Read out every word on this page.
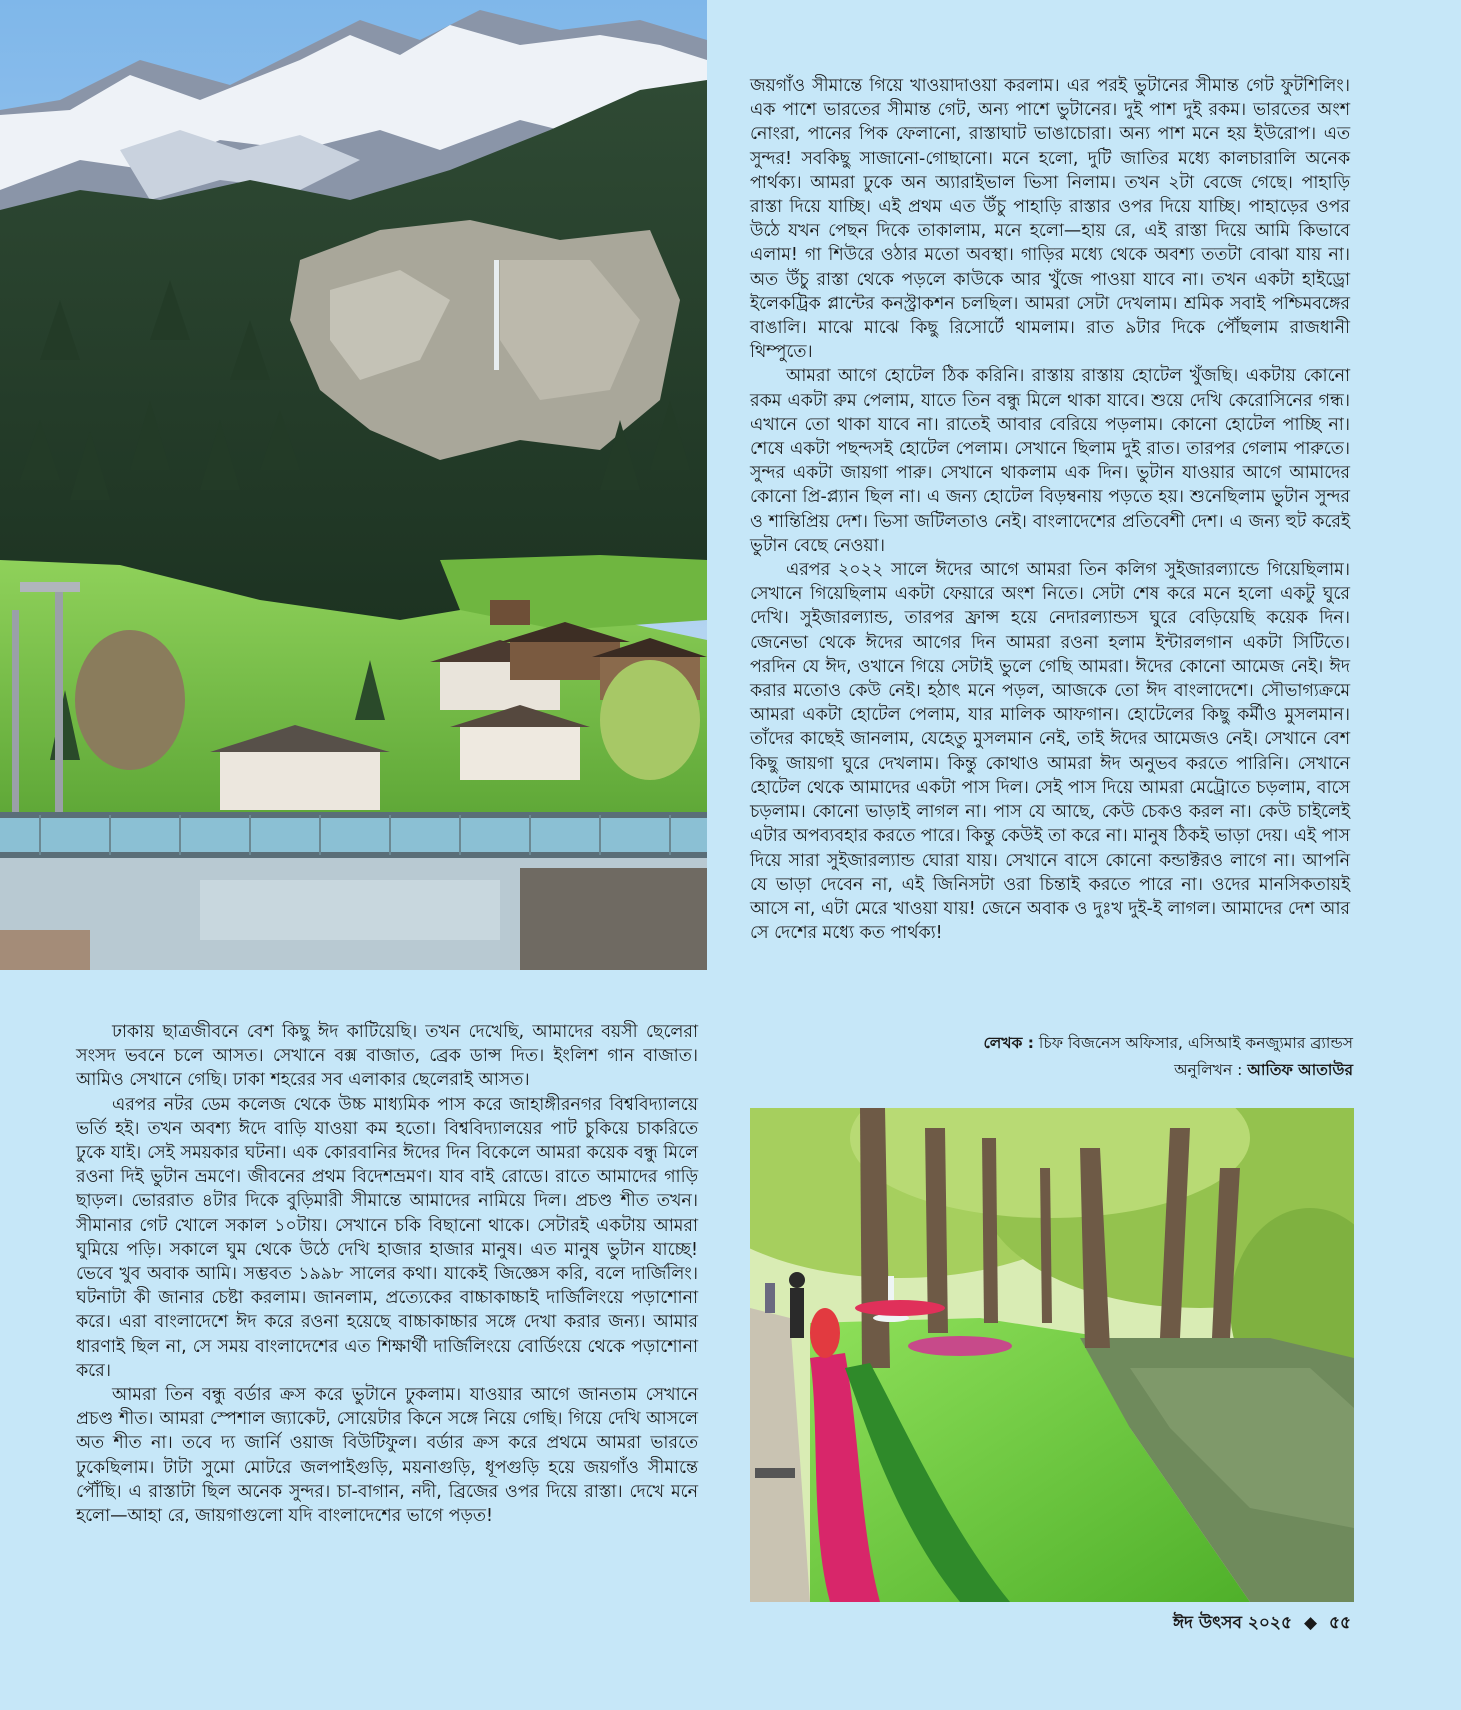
জয়গাঁও সীমান্তে গিয়ে খাওয়াদাওয়া করলাম। এর পরই ভুটানের সীমান্ত গেট ফুটশিলিং। এক পাশে ভারতের সীমান্ত গেট, অন্য পাশে ভুটানের। দুই পাশ দুই রকম। ভারতের অংশ নোংরা, পানের পিক ফেলানো, রাস্তাঘাট ভাঙাচোরা। অন্য পাশ মনে হয় ইউরোপ। এত সুন্দর! সবকিছু সাজানো-গোছানো। মনে হলো, দুটি জাতির মধ্যে কালচারালি অনেক পার্থক্য। আমরা ঢুকে অন অ্যারাইভাল ভিসা নিলাম। তখন ২টা বেজে গেছে। পাহাড়ি রাস্তা দিয়ে যাচ্ছি। এই প্রথম এত উঁচু পাহাড়ি রাস্তার ওপর দিয়ে যাচ্ছি। পাহাড়ের ওপর উঠে যখন পেছন দিকে তাকালাম, মনে হলো—হায় রে, এই রাস্তা দিয়ে আমি কিভাবে এলাম! গা শিউরে ওঠার মতো অবস্থা। গাড়ির মধ্যে থেকে অবশ্য ততটা বোঝা যায় না। অত উঁচু রাস্তা থেকে পড়লে কাউকে আর খুঁজে পাওয়া যাবে না। তখন একটা হাইড্রো ইলেকট্রিক প্লান্টের কনস্ট্রাকশন চলছিল। আমরা সেটা দেখলাম। শ্রমিক সবাই পশ্চিমবঙ্গের বাঙালি। মাঝে মাঝে কিছু রিসোর্টে থামলাম। রাত ৯টার দিকে পৌঁছলাম রাজধানী থিম্পুতে।

আমরা আগে হোটেল ঠিক করিনি। রাস্তায় রাস্তায় হোটেল খুঁজছি। একটায় কোনো রকম একটা রুম পেলাম, যাতে তিন বন্ধু মিলে থাকা যাবে। শুয়ে দেখি কেরোসিনের গন্ধ। এখানে তো থাকা যাবে না। রাতেই আবার বেরিয়ে পড়লাম। কোনো হোটেল পাচ্ছি না। শেষে একটা পছন্দসই হোটেল পেলাম। সেখানে ছিলাম দুই রাত। তারপর গেলাম পারুতে। সুন্দর একটা জায়গা পারু। সেখানে থাকলাম এক দিন। ভুটান যাওয়ার আগে আমাদের কোনো প্রি-প্ল্যান ছিল না। এ জন্য হোটেল বিড়ম্বনায় পড়তে হয়। শুনেছিলাম ভুটান সুন্দর ও শান্তিপ্রিয় দেশ। ভিসা জটিলতাও নেই। বাংলাদেশের প্রতিবেশী দেশ। এ জন্য হুট করেই ভুটান বেছে নেওয়া।

এরপর ২০২২ সালে ঈদের আগে আমরা তিন কলিগ সুইজারল্যান্ডে গিয়েছিলাম। সেখানে গিয়েছিলাম একটা ফেয়ারে অংশ নিতে। সেটা শেষ করে মনে হলো একটু ঘুরে দেখি। সুইজারল্যান্ড, তারপর ফ্রান্স হয়ে নেদারল্যান্ডস ঘুরে বেড়িয়েছি কয়েক দিন। জেনেভা থেকে ঈদের আগের দিন আমরা রওনা হলাম ইন্টারলগান একটা সিটিতে। পরদিন যে ঈদ, ওখানে গিয়ে সেটাই ভুলে গেছি আমরা। ঈদের কোনো আমেজ নেই। ঈদ করার মতোও কেউ নেই। হঠাৎ মনে পড়ল, আজকে তো ঈদ বাংলাদেশে। সৌভাগ্যক্রমে আমরা একটা হোটেল পেলাম, যার মালিক আফগান। হোটেলের কিছু কর্মীও মুসলমান। তাঁদের কাছেই জানলাম, যেহেতু মুসলমান নেই, তাই ঈদের আমেজও নেই। সেখানে বেশ কিছু জায়গা ঘুরে দেখলাম। কিন্তু কোথাও আমরা ঈদ অনুভব করতে পারিনি। সেখানে হোটেল থেকে আমাদের একটা পাস দিল। সেই পাস দিয়ে আমরা মেট্রোতে চড়লাম, বাসে চড়লাম। কোনো ভাড়াই লাগল না। পাস যে আছে, কেউ চেকও করল না। কেউ চাইলেই এটার অপব্যবহার করতে পারে। কিন্তু কেউই তা করে না। মানুষ ঠিকই ভাড়া দেয়। এই পাস দিয়ে সারা সুইজারল্যান্ড ঘোরা যায়। সেখানে বাসে কোনো কন্ডাক্টরও লাগে না। আপনি যে ভাড়া দেবেন না, এই জিনিসটা ওরা চিন্তাই করতে পারে না। ওদের মানসিকতায়ই আসে না, এটা মেরে খাওয়া যায়! জেনে অবাক ও দুঃখ দুই-ই লাগল। আমাদের দেশ আর সে দেশের মধ্যে কত পার্থক্য!

লেখক : চিফ বিজনেস অফিসার, এসিআই কনজ্যুমার ব্র্যান্ডস
অনুলিখন : আতিফ আতাউর

ঢাকায় ছাত্রজীবনে বেশ কিছু ঈদ কাটিয়েছি। তখন দেখেছি, আমাদের বয়সী ছেলেরা সংসদ ভবনে চলে আসত। সেখানে বক্স বাজাত, ব্রেক ডান্স দিত। ইংলিশ গান বাজাত। আমিও সেখানে গেছি। ঢাকা শহরের সব এলাকার ছেলেরাই আসত।

এরপর নটর ডেম কলেজ থেকে উচ্চ মাধ্যমিক পাস করে জাহাঙ্গীরনগর বিশ্ববিদ্যালয়ে ভর্তি হই। তখন অবশ্য ঈদে বাড়ি যাওয়া কম হতো। বিশ্ববিদ্যালয়ের পাট চুকিয়ে চাকরিতে ঢুকে যাই। সেই সময়কার ঘটনা। এক কোরবানির ঈদের দিন বিকেলে আমরা কয়েক বন্ধু মিলে রওনা দিই ভুটান ভ্রমণে। জীবনের প্রথম বিদেশভ্রমণ। যাব বাই রোডে। রাতে আমাদের গাড়ি ছাড়ল। ভোররাত ৪টার দিকে বুড়িমারী সীমান্তে আমাদের নামিয়ে দিল। প্রচণ্ড শীত তখন। সীমানার গেট খোলে সকাল ১০টায়। সেখানে চকি বিছানো থাকে। সেটারই একটায় আমরা ঘুমিয়ে পড়ি। সকালে ঘুম থেকে উঠে দেখি হাজার হাজার মানুষ। এত মানুষ ভুটান যাচ্ছে! ভেবে খুব অবাক আমি। সম্ভবত ১৯৯৮ সালের কথা। যাকেই জিজ্ঞেস করি, বলে দার্জিলিং। ঘটনাটা কী জানার চেষ্টা করলাম। জানলাম, প্রত্যেকের বাচ্চাকাচ্চাই দার্জিলিংয়ে পড়াশোনা করে। এরা বাংলাদেশে ঈদ করে রওনা হয়েছে বাচ্চাকাচ্চার সঙ্গে দেখা করার জন্য। আমার ধারণাই ছিল না, সে সময় বাংলাদেশের এত শিক্ষার্থী দার্জিলিংয়ে বোর্ডিংয়ে থেকে পড়াশোনা করে।

আমরা তিন বন্ধু বর্ডার ক্রস করে ভুটানে ঢুকলাম। যাওয়ার আগে জানতাম সেখানে প্রচণ্ড শীত। আমরা স্পেশাল জ্যাকেট, সোয়েটার কিনে সঙ্গে নিয়ে গেছি। গিয়ে দেখি আসলে অত শীত না। তবে দ্য জার্নি ওয়াজ বিউটিফুল। বর্ডার ক্রস করে প্রথমে আমরা ভারতে ঢুকেছিলাম। টাটা সুমো মোটরে জলপাইগুড়ি, ময়নাগুড়ি, ধূপগুড়ি হয়ে জয়গাঁও সীমান্তে পৌঁছি। এ রাস্তাটা ছিল অনেক সুন্দর। চা-বাগান, নদী, ব্রিজের ওপর দিয়ে রাস্তা। দেখে মনে হলো—আহা রে, জায়গাগুলো যদি বাংলাদেশের ভাগে পড়ত!

ঈদ উৎসব ২০২৫ ◆ ৫৫
